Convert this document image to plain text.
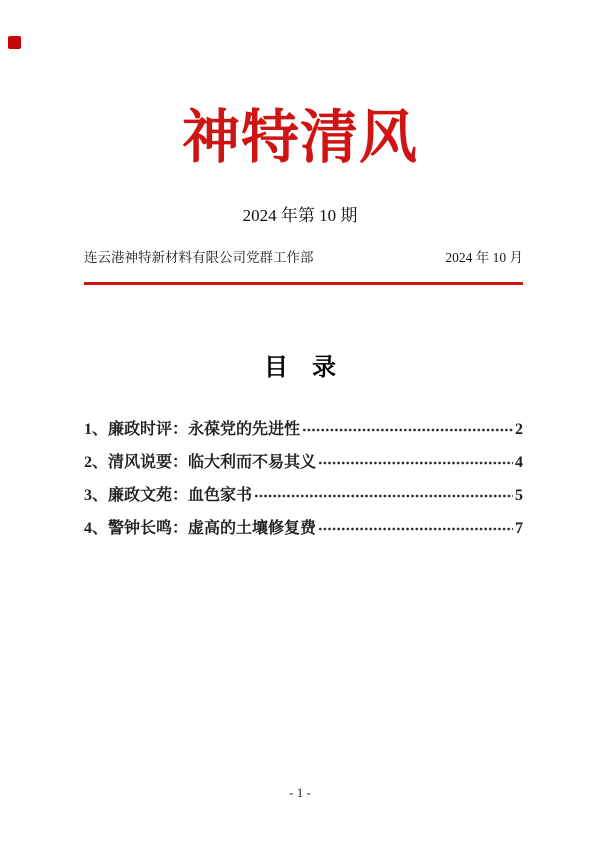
神特清风
2024 年第 10 期
连云港神特新材料有限公司党群工作部	2024 年 10 月
目　录
1、廉政时评：永葆党的先进性	2
2、清风说要：临大利而不易其义	4
3、廉政文苑：血色家书	5
4、警钟长鸣：虚高的土壤修复费	7
- 1 -
